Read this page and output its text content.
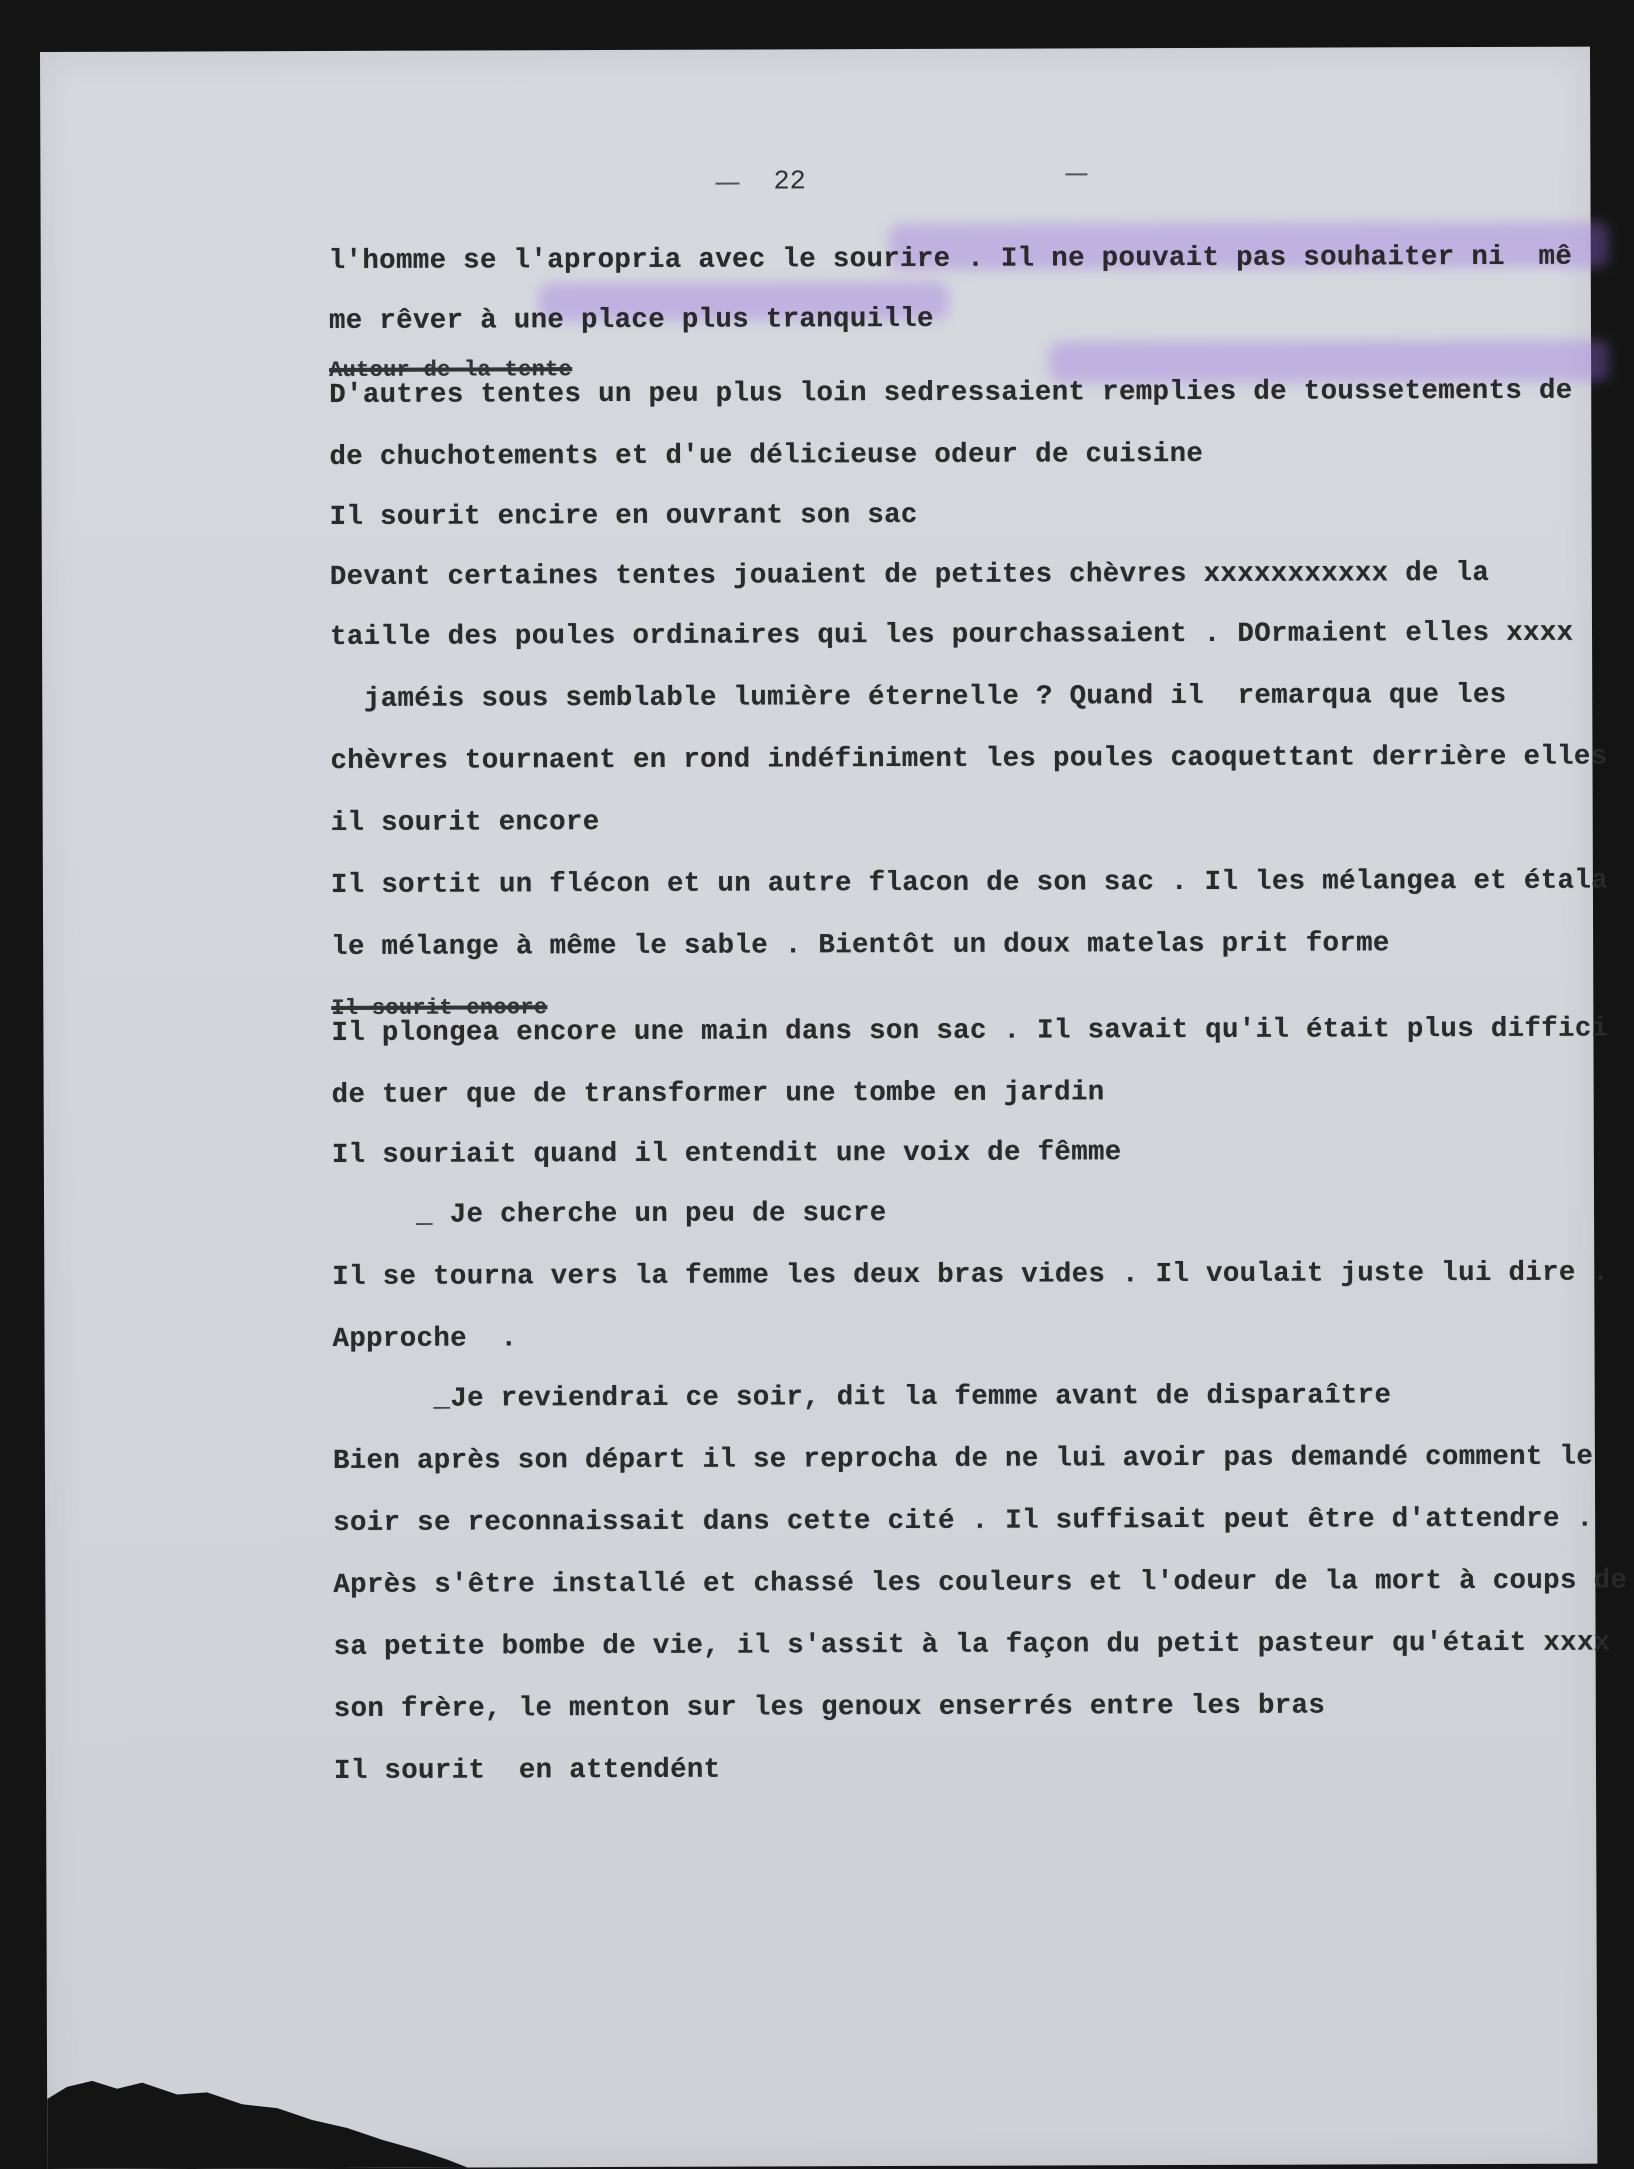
22
l'homme se l'apropria avec le sourire . Il ne pouvait pas souhaiter ni  mê
me rêver à une place plus tranquille
Autour de la tente
D'autres tentes un peu plus loin sedressaient remplies de toussetements de
de chuchotements et d'ue délicieuse odeur de cuisine
Il sourit encire en ouvrant son sac
Devant certaines tentes jouaient de petites chèvres xxxxxxxxxxx de la
taille des poules ordinaires qui les pourchassaient . DOrmaient elles xxxx
jaméis sous semblable lumière éternelle ? Quand il  remarqua que les
chèvres tournaent en rond indéfiniment les poules caoquettant derrière elles
il sourit encore
Il sortit un flécon et un autre flacon de son sac . Il les mélangea et étala
le mélange à même le sable . Bientôt un doux matelas prit forme
Il sourit encore
Il plongea encore une main dans son sac . Il savait qu'il était plus diffici
de tuer que de transformer une tombe en jardin
Il souriait quand il entendit une voix de fêmme
_ Je cherche un peu de sucre
Il se tourna vers la femme les deux bras vides . Il voulait juste lui dire .
Approche  .
_Je reviendrai ce soir, dit la femme avant de disparaître
Bien après son départ il se reprocha de ne lui avoir pas demandé comment le
soir se reconnaissait dans cette cité . Il suffisait peut être d'attendre .
Après s'être installé et chassé les couleurs et l'odeur de la mort à coups de
sa petite bombe de vie, il s'assit à la façon du petit pasteur qu'était xxxx
son frère, le menton sur les genoux enserrés entre les bras
Il sourit  en attendént
